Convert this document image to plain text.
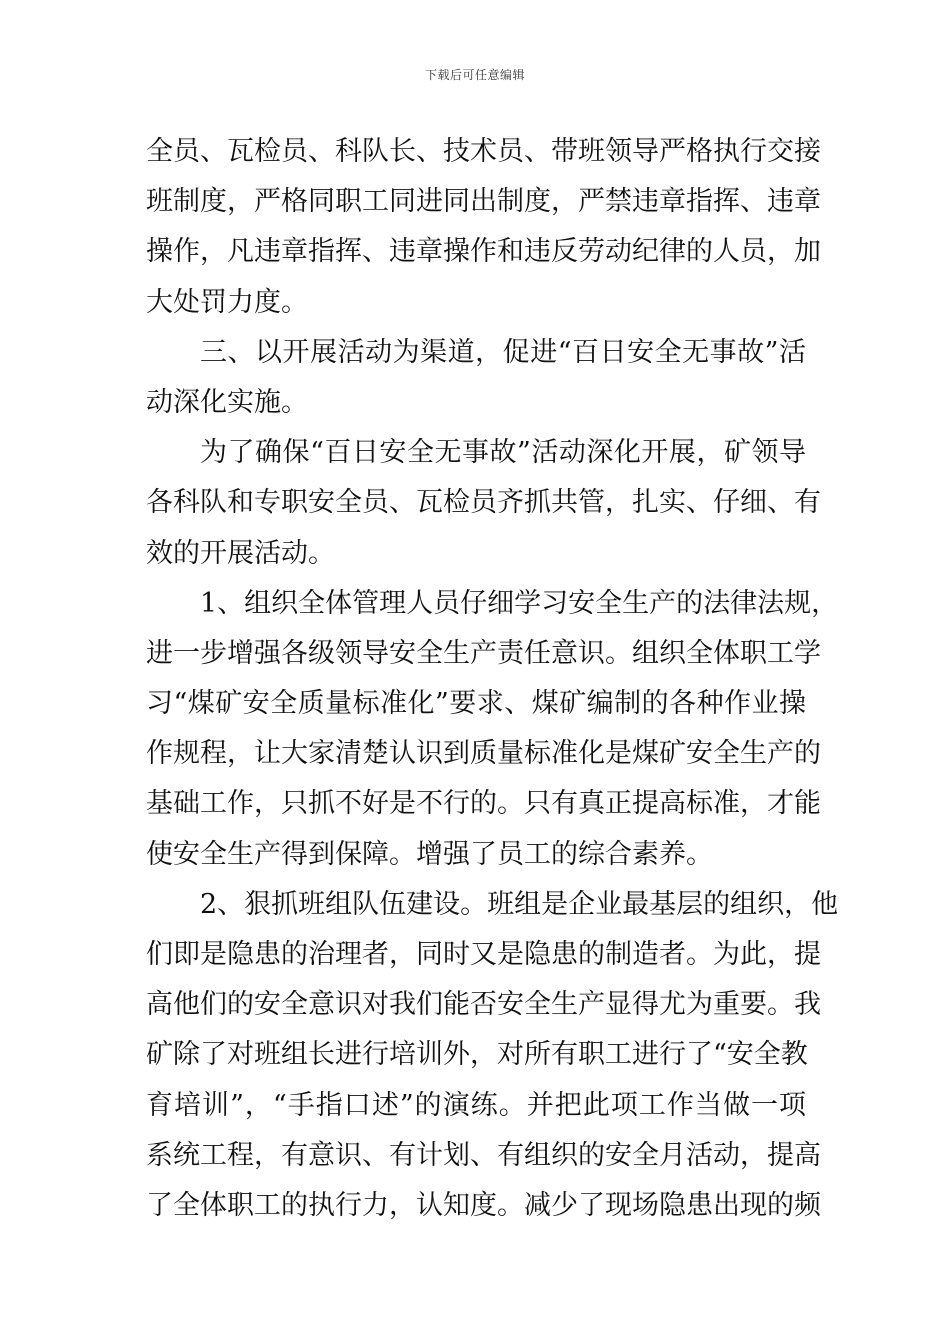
下载后可任意编辑
全员、瓦检员、科队长、技术员、带班领导严格执行交接
班制度，严格同职工同进同出制度，严禁违章指挥、违章
操作，凡违章指挥、违章操作和违反劳动纪律的人员，加
大处罚力度。
三、以开展活动为渠道，促进“百日安全无事故”活
动深化实施。
为了确保“百日安全无事故”活动深化开展，矿领导
各科队和专职安全员、瓦检员齐抓共管，扎实、仔细、有
效的开展活动。
1、组织全体管理人员仔细学习安全生产的法律法规，
进一步增强各级领导安全生产责任意识。组织全体职工学
习“煤矿安全质量标准化”要求、煤矿编制的各种作业操
作规程，让大家清楚认识到质量标准化是煤矿安全生产的
基础工作，只抓不好是不行的。只有真正提高标准，才能
使安全生产得到保障。增强了员工的综合素养。
2、狠抓班组队伍建设。班组是企业最基层的组织，他
们即是隐患的治理者，同时又是隐患的制造者。为此，提
高他们的安全意识对我们能否安全生产显得尤为重要。我
矿除了对班组长进行培训外，对所有职工进行了“安全教
育培训”，“手指口述”的演练。并把此项工作当做一项
系统工程，有意识、有计划、有组织的安全月活动，提高
了全体职工的执行力，认知度。减少了现场隐患出现的频
